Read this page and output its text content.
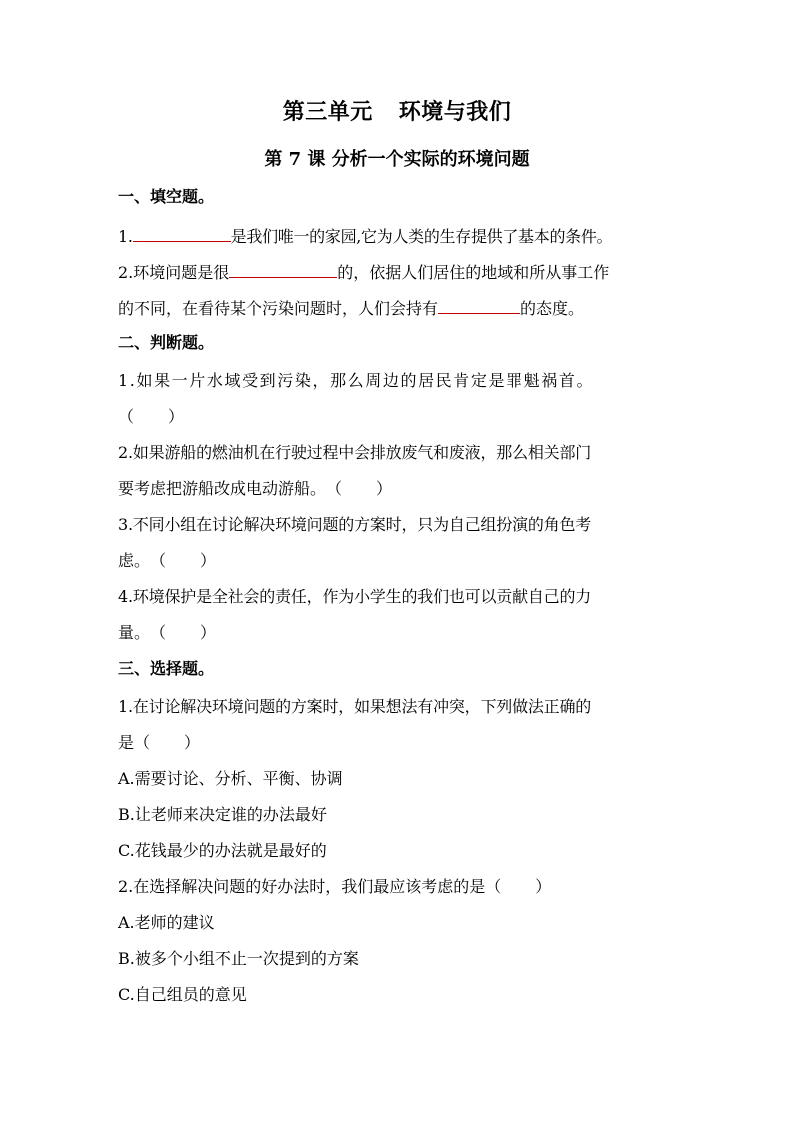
第三单元 环境与我们
第 7 课 分析一个实际的环境问题
一、填空题。
1.	是我们唯一的家园,它为人类的生存提供了基本的条件。
2.环境问题是很	的，依据人们居住的地域和所从事工作
的不同，在看待某个污染问题时，人们会持有	的态度。
二、判断题。
1.如果一片水域受到污染，那么周边的居民肯定是罪魁祸首。
（ ）
2.如果游船的燃油机在行驶过程中会排放废气和废液，那么相关部门
要考虑把游船改成电动游船。（ ）
3.不同小组在讨论解决环境问题的方案时，只为自己组扮演的角色考
虑。（ ）
4.环境保护是全社会的责任，作为小学生的我们也可以贡献自己的力
量。（ ）
三、选择题。
1.在讨论解决环境问题的方案时，如果想法有冲突，下列做法正确的
是（ ）
A.需要讨论、分析、平衡、协调
B.让老师来决定谁的办法最好
C.花钱最少的办法就是最好的
2.在选择解决问题的好办法时，我们最应该考虑的是（ ）
A.老师的建议
B.被多个小组不止一次提到的方案
C.自己组员的意见
